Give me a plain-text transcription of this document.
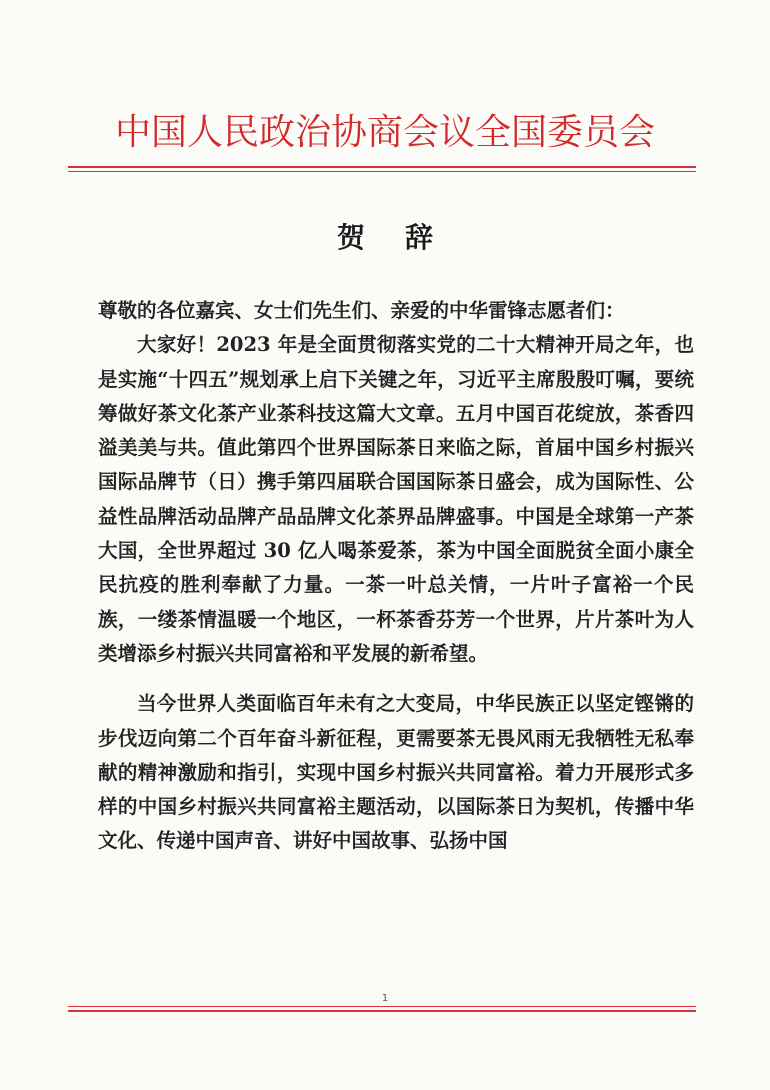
中国人民政治协商会议全国委员会
贺 辞

尊敬的各位嘉宾、女士们先生们、亲爱的中华雷锋志愿者们：

大家好！2023 年是全面贯彻落实党的二十大精神开局之年，也是实施“十四五”规划承上启下关键之年，习近平主席殷殷叮嘱，要统筹做好茶文化茶产业茶科技这篇大文章。五月中国百花绽放，茶香四溢美美与共。值此第四个世界国际茶日来临之际，首届中国乡村振兴国际品牌节（日）携手第四届联合国国际茶日盛会，成为国际性、公益性品牌活动品牌产品品牌文化茶界品牌盛事。中国是全球第一产茶大国，全世界超过 30 亿人喝茶爱茶，茶为中国全面脱贫全面小康全民抗疫的胜利奉献了力量。一茶一叶总关情，一片叶子富裕一个民族，一缕茶情温暖一个地区，一杯茶香芬芳一个世界，片片茶叶为人类增添乡村振兴共同富裕和平发展的新希望。

当今世界人类面临百年未有之大变局，中华民族正以坚定铿锵的步伐迈向第二个百年奋斗新征程，更需要茶无畏风雨无我牺牲无私奉献的精神激励和指引，实现中国乡村振兴共同富裕。着力开展形式多样的中国乡村振兴共同富裕主题活动，以国际茶日为契机，传播中华文化、传递中国声音、讲好中国故事、弘扬中国

1
